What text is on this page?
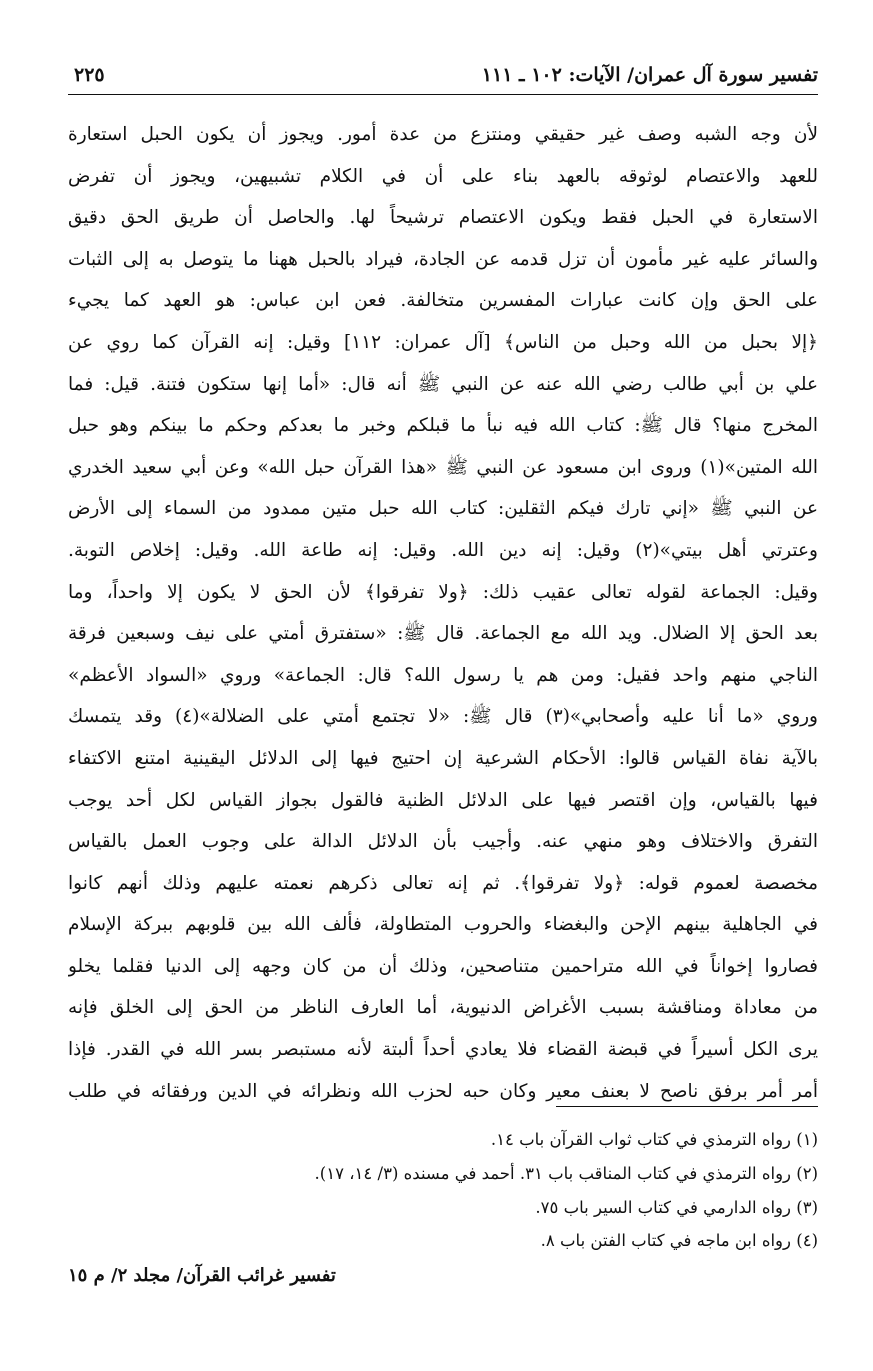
تفسير سورة آل عمران/ الآيات: ١٠٢ ـ ١١١
٢٢٥
لأن وجه الشبه وصف غير حقيقي ومنتزع من عدة أمور. ويجوز أن يكون الحبل استعارة
للعهد والاعتصام لوثوقه بالعهد بناء على أن في الكلام تشبيهين، ويجوز أن تفرض
الاستعارة في الحبل فقط ويكون الاعتصام ترشيحاً لها. والحاصل أن طريق الحق دقيق
والسائر عليه غير مأمون أن تزل قدمه عن الجادة، فيراد بالحبل ههنا ما يتوصل به إلى الثبات
على الحق وإن كانت عبارات المفسرين متخالفة. فعن ابن عباس: هو العهد كما يجيء
﴿إلا بحبل من الله وحبل من الناس﴾ [آل عمران: ١١٢] وقيل: إنه القرآن كما روي عن
علي بن أبي طالب رضي الله عنه عن النبي ﷺ أنه قال: «أما إنها ستكون فتنة. قيل: فما
المخرج منها؟ قال ﷺ: كتاب الله فيه نبأ ما قبلكم وخبر ما بعدكم وحكم ما بينكم وهو حبل
الله المتين»(١) وروى ابن مسعود عن النبي ﷺ «هذا القرآن حبل الله» وعن أبي سعيد الخدري
عن النبي ﷺ «إني تارك فيكم الثقلين: كتاب الله حبل متين ممدود من السماء إلى الأرض
وعترتي أهل بيتي»(٢) وقيل: إنه دين الله. وقيل: إنه طاعة الله. وقيل: إخلاص التوبة.
وقيل: الجماعة لقوله تعالى عقيب ذلك: ﴿ولا تفرقوا﴾ لأن الحق لا يكون إلا واحداً، وما
بعد الحق إلا الضلال. ويد الله مع الجماعة. قال ﷺ: «ستفترق أمتي على نيف وسبعين فرقة
الناجي منهم واحد فقيل: ومن هم يا رسول الله؟ قال: الجماعة» وروي «السواد الأعظم»
وروي «ما أنا عليه وأصحابي»(٣) قال ﷺ: «لا تجتمع أمتي على الضلالة»(٤) وقد يتمسك
بالآية نفاة القياس قالوا: الأحكام الشرعية إن احتيج فيها إلى الدلائل اليقينية امتنع الاكتفاء
فيها بالقياس، وإن اقتصر فيها على الدلائل الظنية فالقول بجواز القياس لكل أحد يوجب
التفرق والاختلاف وهو منهي عنه. وأجيب بأن الدلائل الدالة على وجوب العمل بالقياس
مخصصة لعموم قوله: ﴿ولا تفرقوا﴾. ثم إنه تعالى ذكرهم نعمته عليهم وذلك أنهم كانوا
في الجاهلية بينهم الإحن والبغضاء والحروب المتطاولة، فألف الله بين قلوبهم ببركة الإسلام
فصاروا إخواناً في الله متراحمين متناصحين، وذلك أن من كان وجهه إلى الدنيا فقلما يخلو
من معاداة ومناقشة بسبب الأغراض الدنيوية، أما العارف الناظر من الحق إلى الخلق فإنه
يرى الكل أسيراً في قبضة القضاء فلا يعادي أحداً ألبتة لأنه مستبصر بسر الله في القدر. فإذا
أمر أمر برفق ناصح لا بعنف معير وكان حبه لحزب الله ونظرائه في الدين ورفقائه في طلب
(١) رواه الترمذي في كتاب ثواب القرآن باب ١٤.
(٢) رواه الترمذي في كتاب المناقب باب ٣١. أحمد في مسنده (٣/ ١٤، ١٧).
(٣) رواه الدارمي في كتاب السير باب ٧٥.
(٤) رواه ابن ماجه في كتاب الفتن باب ٨.
تفسير غرائب القرآن/ مجلد ٢/ م ١٥
